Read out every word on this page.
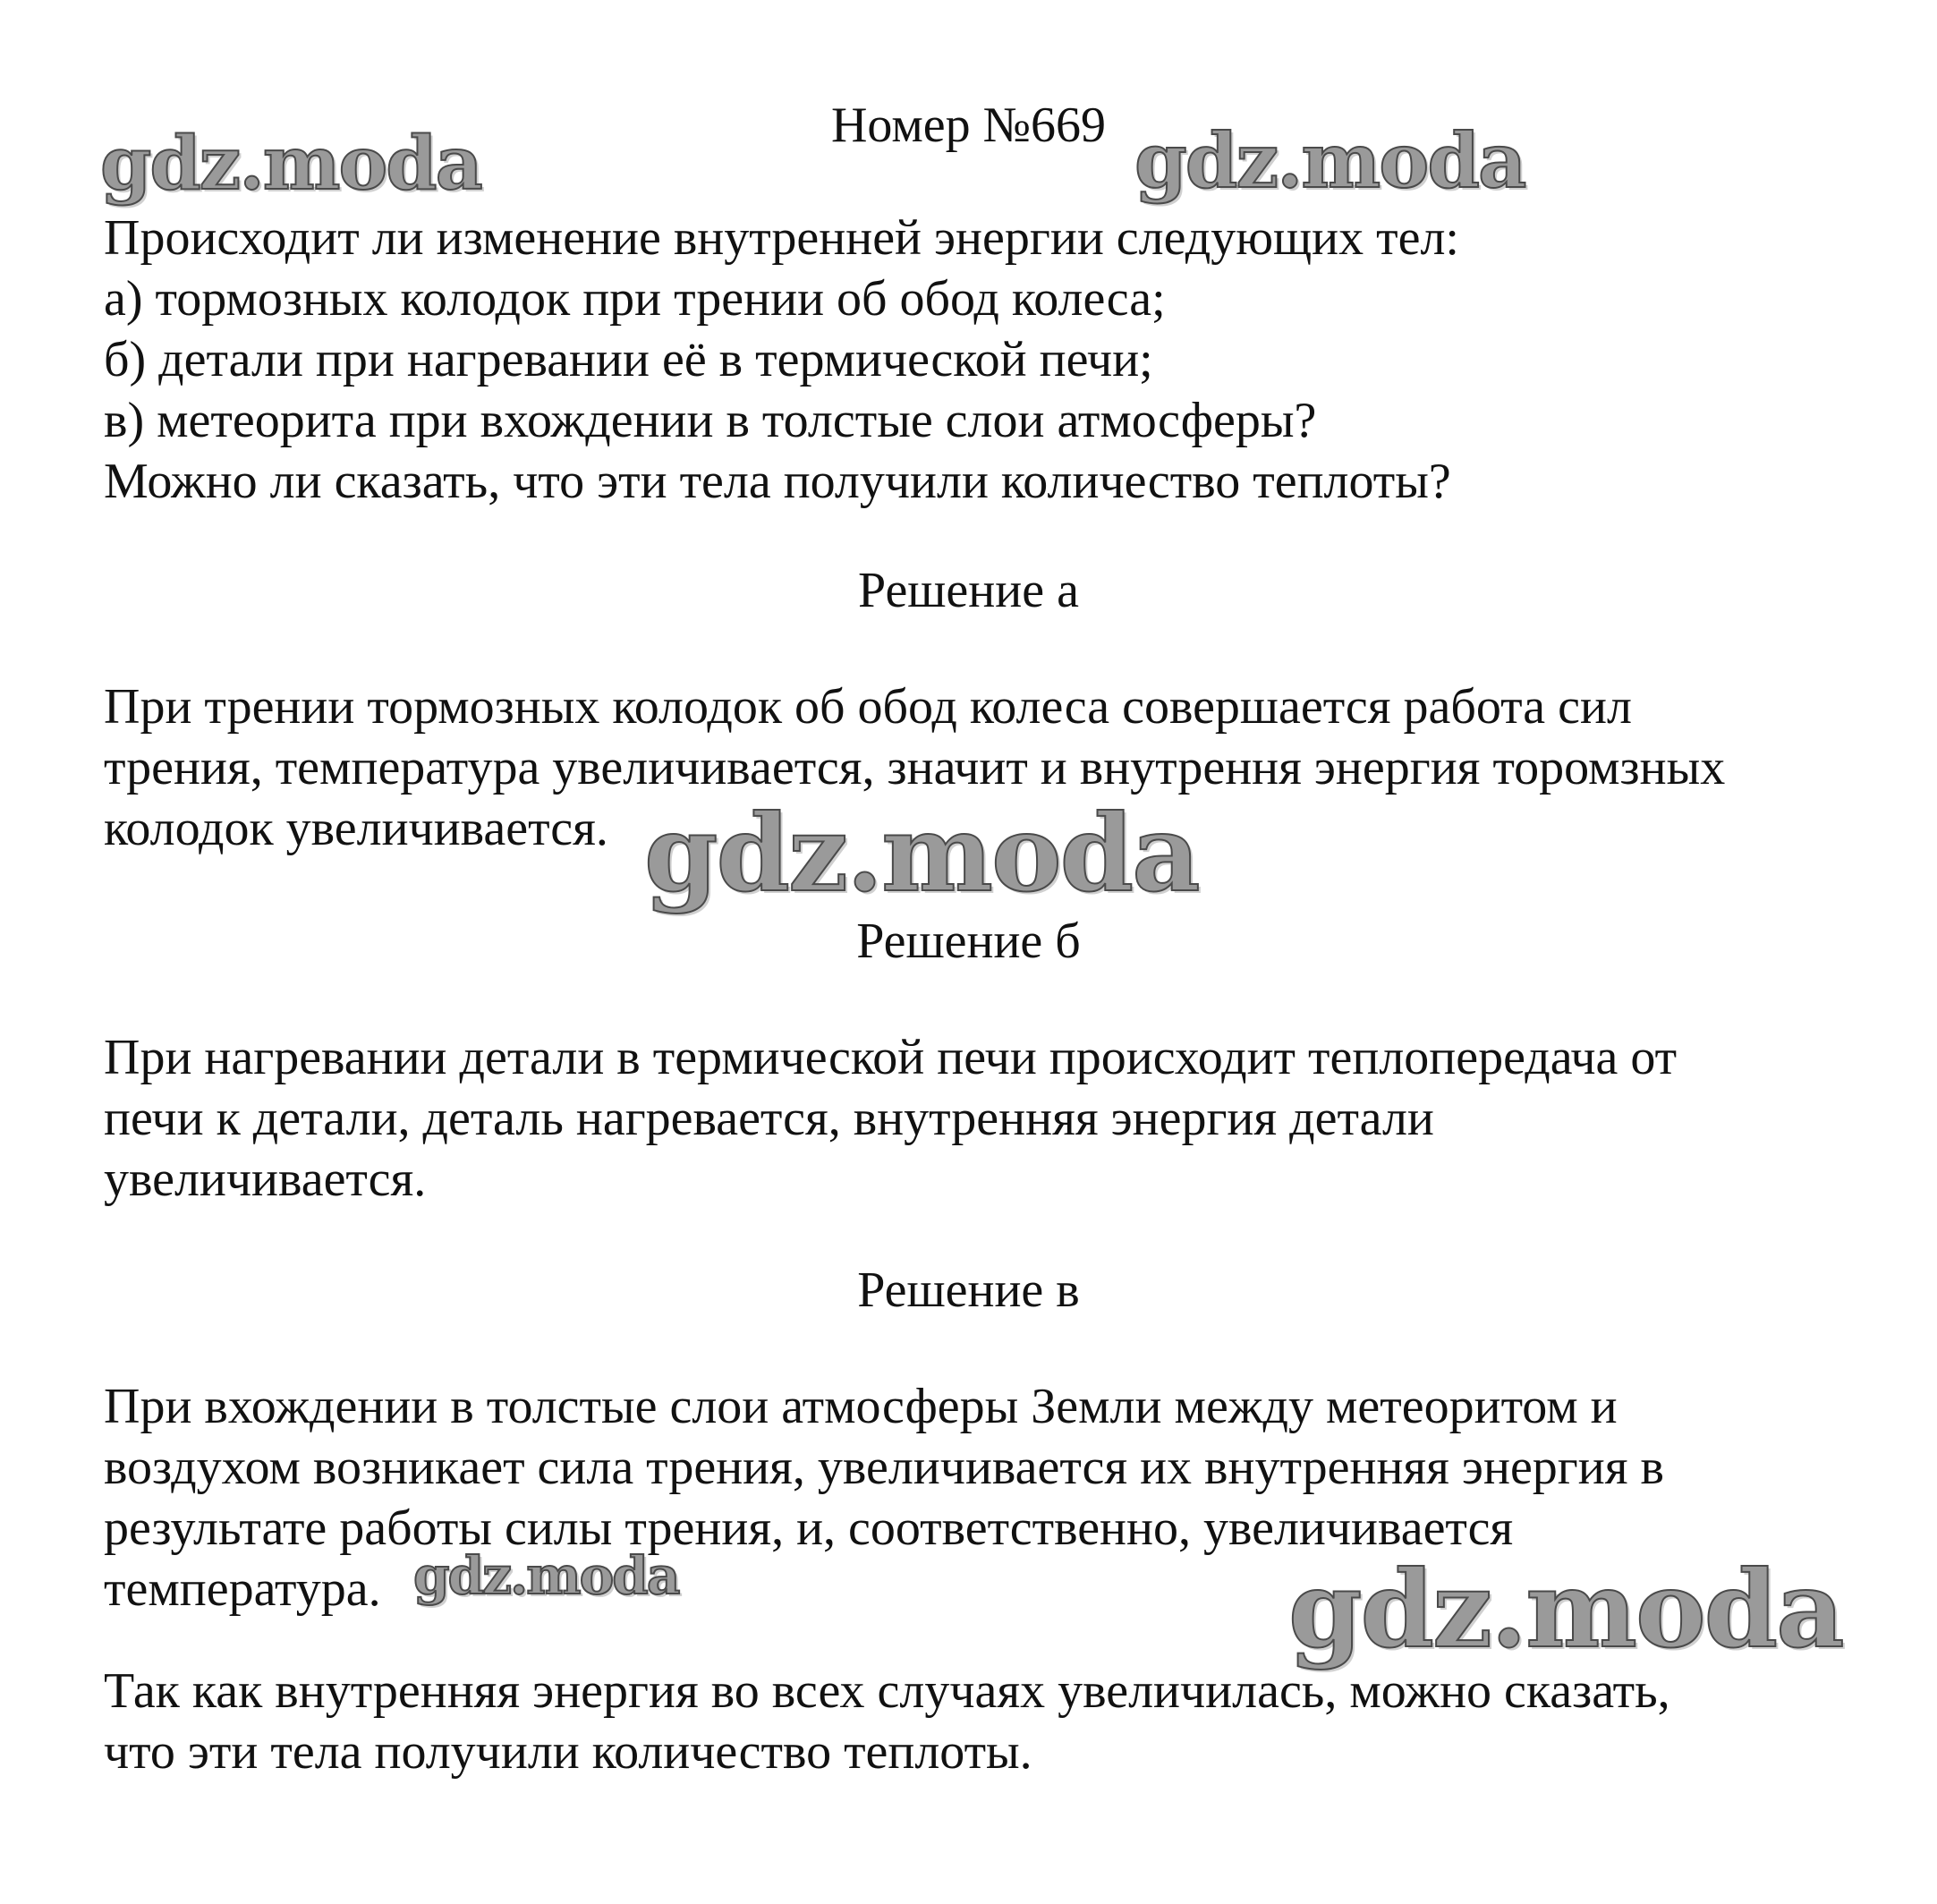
gdz.moda	gdz.moda
gdz.moda
gdz.moda	gdz.moda
Номер №669
Происходит ли изменение внутренней энергии следующих тел:
а) тормозных колодок при трении об обод колеса;
б) детали при нагревании её в термической печи;
в) метеорита при вхождении в толстые слои атмосферы?
Можно ли сказать, что эти тела получили количество теплоты?
Решение а
При трении тормозных колодок об обод колеса совершается работа сил
трения, температура увеличивается, значит и внутрення энергия торомзных
колодок увеличивается.
Решение б
При нагревании детали в термической печи происходит теплопередача от
печи к детали, деталь нагревается, внутренняя энергия детали
увеличивается.
Решение в
При вхождении в толстые слои атмосферы Земли между метеоритом и
воздухом возникает сила трения, увеличивается их внутренняя энергия в
результате работы силы трения, и, соответственно, увеличивается
температура.
Так как внутренняя энергия во всех случаях увеличилась, можно сказать,
что эти тела получили количество теплоты.
